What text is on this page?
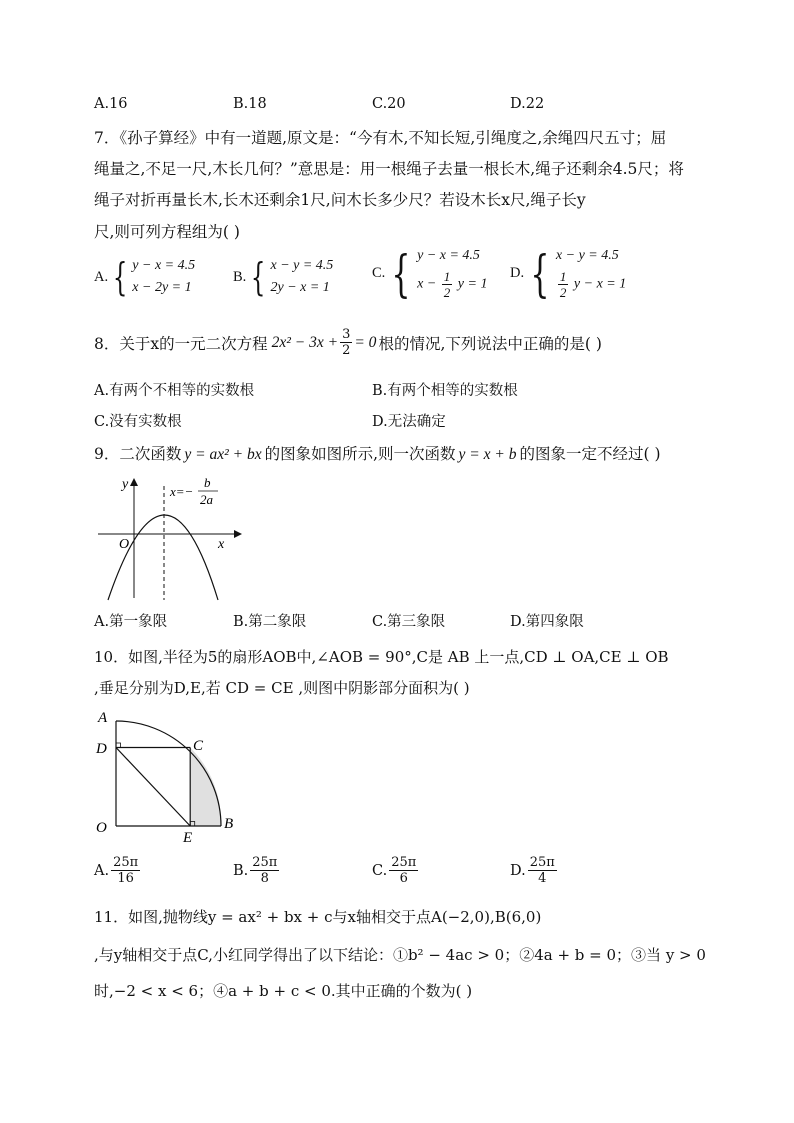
A.16	B.18	C.20	D.22
7．《孙子算经》中有一道题,原文是：“今有木,不知长短,引绳度之,余绳四尺五寸；屈
绳量之,不足一尺,木长几何？”意思是：用一根绳子去量一根长木,绳子还剩余4.5尺；将
绳子对折再量长木,长木还剩余1尺,问木长多少尺？若设木长x尺,绳子长y
尺,则可列方程组为( )
A. { y − x = 4.5
x − 2y = 1
B. { x − y = 4.5
2y − x = 1
C. { y − x = 4.5
$x - \frac{1}{2}$ y = 1
D. { x − y = 4.5
$\frac{1}{2}$ y − x = 1
8．关于x的一元二次方程 $2x^2 - 3x + \frac{3}{2} = 0$ 根的情况,下列说法中正确的是( )
A.有两个不相等的实数根	B.有两个相等的实数根
C.没有实数根	D.无法确定
9．二次函数 y = ax² + bx 的图象如图所示,则一次函数 y = x + b 的图象一定不经过( )
y
x
O
x=−
b
2a
A.第一象限	B.第二象限	C.第三象限	D.第四象限
10．如图,半径为5的扇形AOB中,∠AOB = 90°,C是 AB 上一点,CD ⊥ OA,CE ⊥ OB
,垂足分别为D,E,若 CD = CE ,则图中阴影部分面积为( )
A
D	C
O
E
B
A. $\frac{25\pi}{16}$	B. $\frac{25\pi}{8}$	C. $\frac{25\pi}{6}$	D. $\frac{25\pi}{4}$
11．如图,抛物线y = ax² + bx + c与x轴相交于点A(−2,0),B(6,0)
,与y轴相交于点C,小红同学得出了以下结论：①b² − 4ac > 0；②4a + b = 0；③当 y > 0
时,−2 < x < 6；④a + b + c < 0.其中正确的个数为( )
